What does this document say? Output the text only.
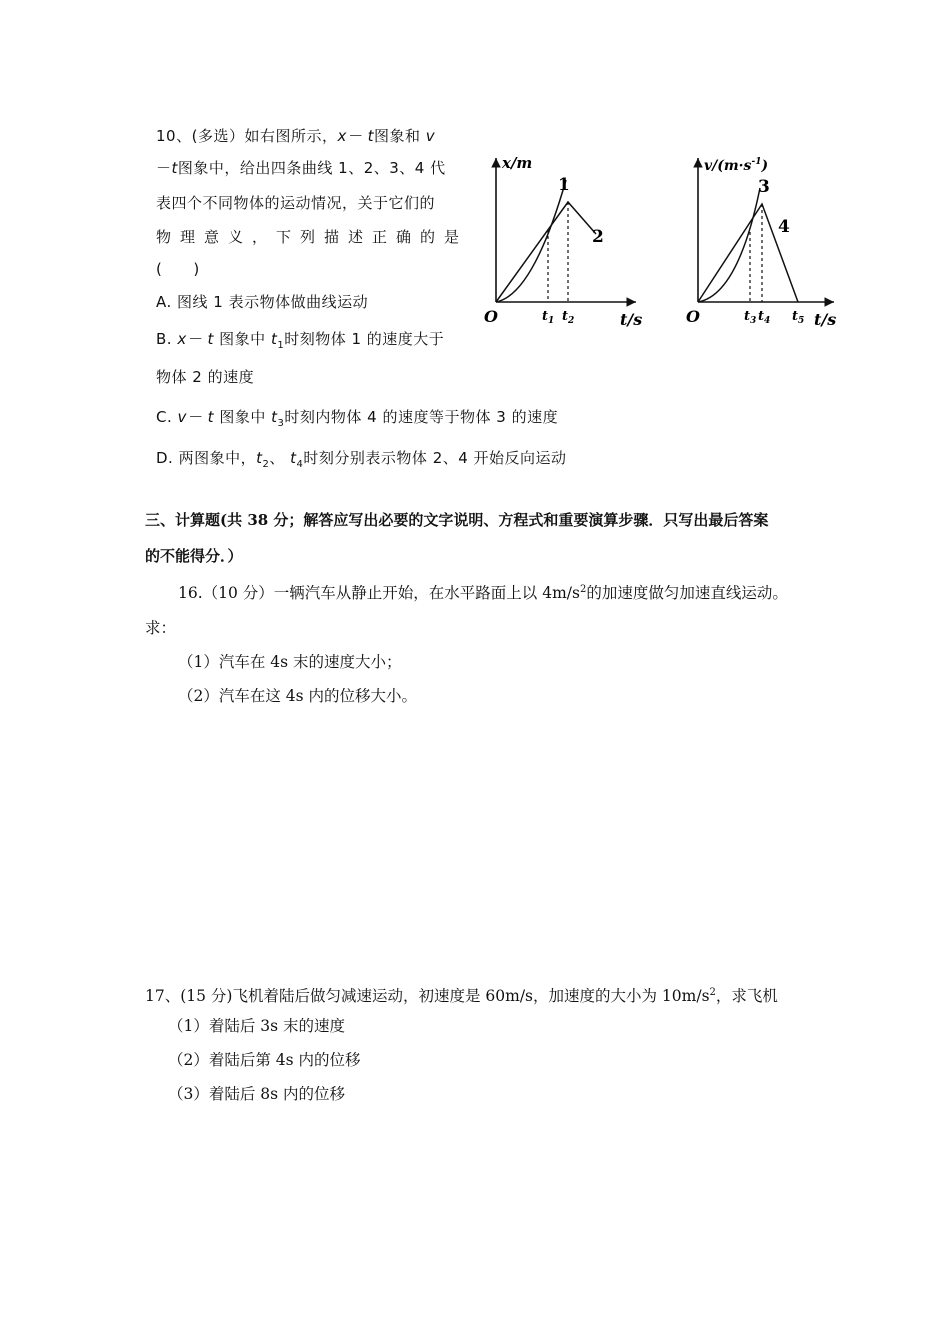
10、(多选）如右图所示，x－ t图象和 v
－t图象中，给出四条曲线 1、2、3、4 代
表四个不同物体的运动情况，关于它们的
物理意义，下列描述正确的是
(　　)
A. 图线 1 表示物体做曲线运动
B. x－ t 图象中 $t_1$时刻物体 1 的速度大于
物体 2 的速度
C. v－ t 图象中 $t_3$时刻内物体 4 的速度等于物体 3 的速度
D. 两图象中，$t_2$、 $t_4$时刻分别表示物体 2、4 开始反向运动
x/m
O	t/s
1
2
$t_1$ $t_2$
$v/(m\cdot s^{-1})$
O	t/s
3
4
$t_3$ $t_4$ $t_5$
三、计算题(共 38 分；解答应写出必要的文字说明、方程式和重要演算步骤．只写出最后答案
的不能得分．）
16.（10 分）一辆汽车从静止开始，在水平路面上以 $4m/s^2$的加速度做匀加速直线运动。
求：
（1）汽车在 4s 末的速度大小；
（2）汽车在这 4s 内的位移大小。
17、(15 分)飞机着陆后做匀减速运动，初速度是 60m/s，加速度的大小为 $10m/s^2$，求飞机
（1）着陆后 3s 末的速度
（2）着陆后第 4s 内的位移
（3）着陆后 8s 内的位移
